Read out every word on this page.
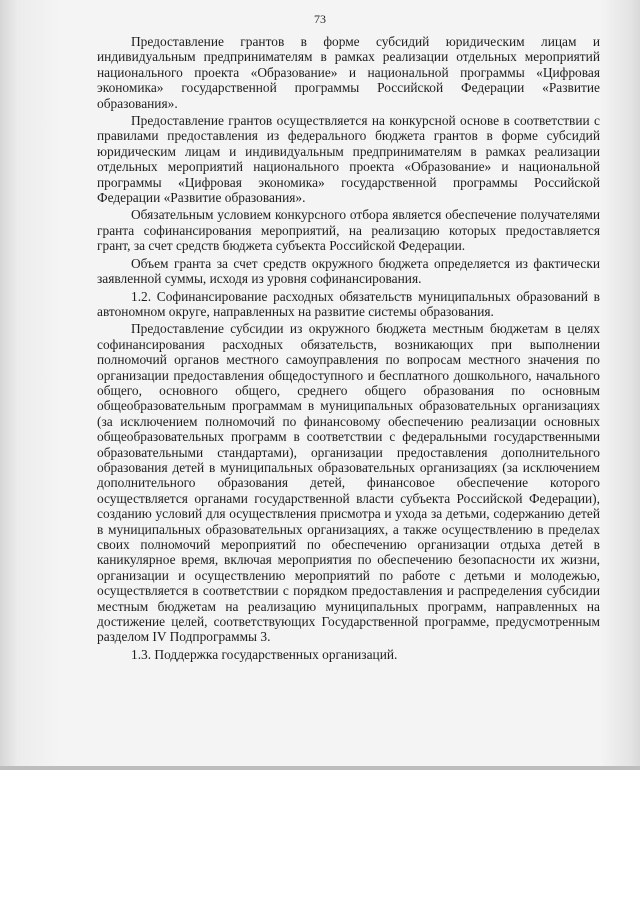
73

Предоставление грантов в форме субсидий юридическим лицам и индивидуальным предпринимателям в рамках реализации отдельных мероприятий национального проекта «Образование» и национальной программы «Цифровая экономика» государственной программы Российской Федерации «Развитие образования».

Предоставление грантов осуществляется на конкурсной основе в соответствии с правилами предоставления из федерального бюджета грантов в форме субсидий юридическим лицам и индивидуальным предпринимателям в рамках реализации отдельных мероприятий национального проекта «Образование» и национальной программы «Цифровая экономика» государственной программы Российской Федерации «Развитие образования».

Обязательным условием конкурсного отбора является обеспечение получателями гранта софинансирования мероприятий, на реализацию которых предоставляется грант, за счет средств бюджета субъекта Российской Федерации.

Объем гранта за счет средств окружного бюджета определяется из фактически заявленной суммы, исходя из уровня софинансирования.

1.2. Софинансирование расходных обязательств муниципальных образований в автономном округе, направленных на развитие системы образования.

Предоставление субсидии из окружного бюджета местным бюджетам в целях софинансирования расходных обязательств, возникающих при выполнении полномочий органов местного самоуправления по вопросам местного значения по организации предоставления общедоступного и бесплатного дошкольного, начального общего, основного общего, среднего общего образования по основным общеобразовательным программам в муниципальных образовательных организациях (за исключением полномочий по финансовому обеспечению реализации основных общеобразовательных программ в соответствии с федеральными государственными образовательными стандартами), организации предоставления дополнительного образования детей в муниципальных образовательных организациях (за исключением дополнительного образования детей, финансовое обеспечение которого осуществляется органами государственной власти субъекта Российской Федерации), созданию условий для осуществления присмотра и ухода за детьми, содержанию детей в муниципальных образовательных организациях, а также осуществлению в пределах своих полномочий мероприятий по обеспечению организации отдыха детей в каникулярное время, включая мероприятия по обеспечению безопасности их жизни, организации и осуществлению мероприятий по работе с детьми и молодежью, осуществляется в соответствии с порядком предоставления и распределения субсидии местным бюджетам на реализацию муниципальных программ, направленных на достижение целей, соответствующих Государственной программе, предусмотренным разделом IV Подпрограммы 3.

1.3. Поддержка государственных организаций.
